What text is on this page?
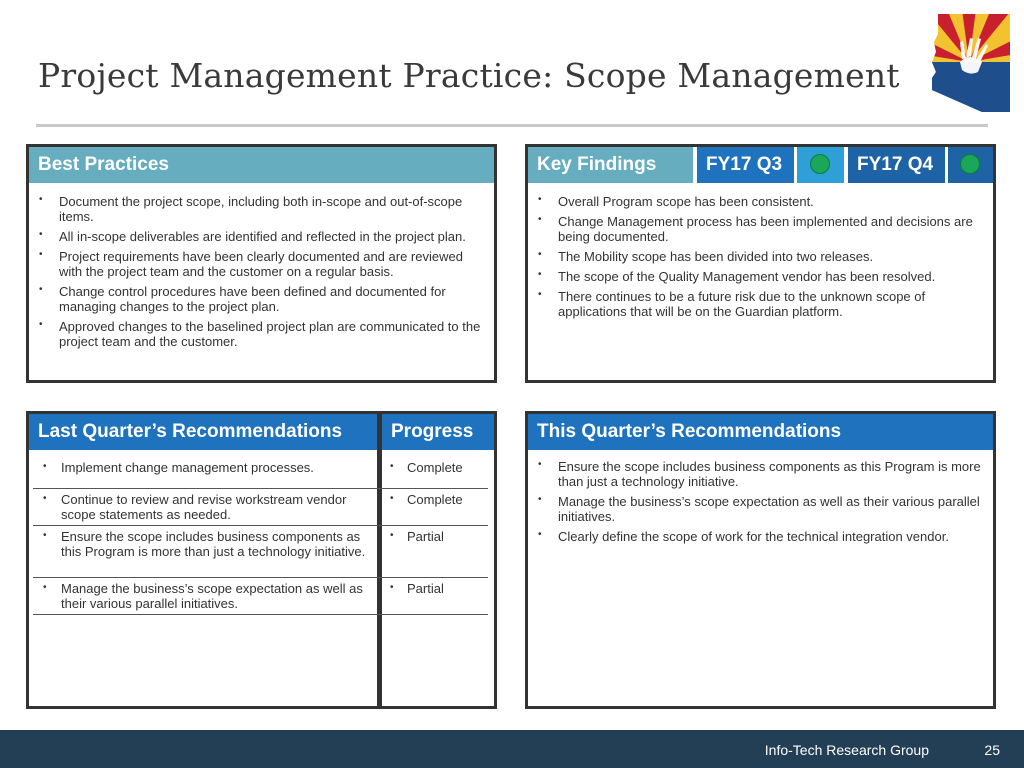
Project Management Practice: Scope Management
Best Practices
• Document the project scope, including both in-scope and out-of-scope items.
• All in-scope deliverables are identified and reflected in the project plan.
• Project requirements have been clearly documented and are reviewed with the project team and the customer on a regular basis.
• Change control procedures have been defined and documented for managing changes to the project plan.
• Approved changes to the baselined project plan are communicated to the project team and the customer.
Key Findings	FY17 Q3	FY17 Q4
• Overall Program scope has been consistent.
• Change Management process has been implemented and decisions are being documented.
• The Mobility scope has been divided into two releases.
• The scope of the Quality Management vendor has been resolved.
• There continues to be a future risk due to the unknown scope of applications that will be on the Guardian platform.
Last Quarter’s Recommendations	Progress
• Implement change management processes.	• Complete

• Continue to review and revise workstream vendor scope statements as needed.	• Complete

• Ensure the scope includes business components as this Program is more than just a technology initiative.	• Partial

• Manage the business’s scope expectation as well as their various parallel initiatives.	• Partial
This Quarter’s Recommendations
• Ensure the scope includes business components as this Program is more than just a technology initiative.
• Manage the business’s scope expectation as well as their various parallel initiatives.
• Clearly define the scope of work for the technical integration vendor.
Info-Tech Research Group	25
